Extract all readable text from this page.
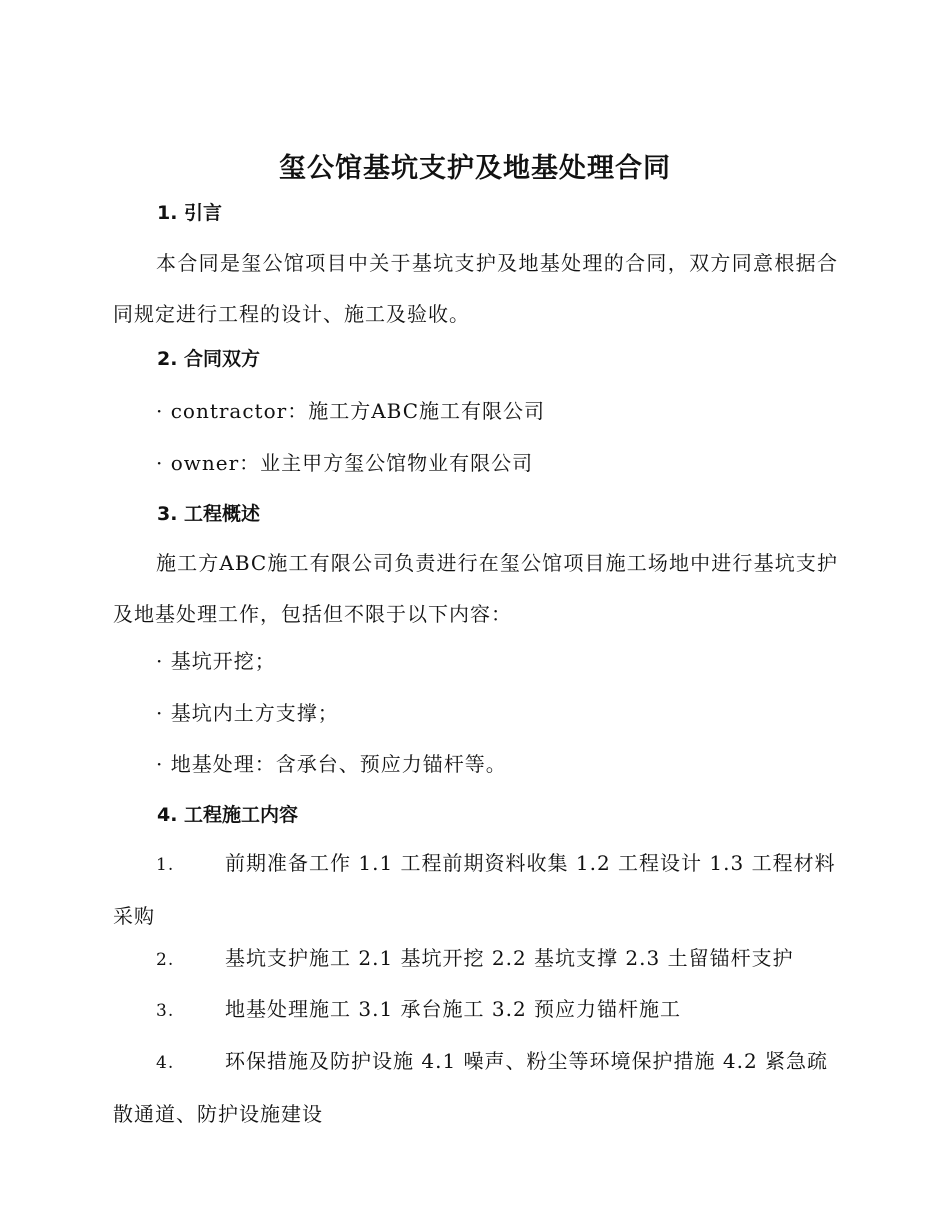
玺公馆基坑支护及地基处理合同
1. 引言

本合同是玺公馆项目中关于基坑支护及地基处理的合同，双方同意根据合同规定进行工程的设计、施工及验收。

2. 合同双方

· contractor：施工方ABC施工有限公司

· owner：业主甲方玺公馆物业有限公司

3. 工程概述

施工方ABC施工有限公司负责进行在玺公馆项目施工场地中进行基坑支护及地基处理工作，包括但不限于以下内容：

· 基坑开挖；

· 基坑内土方支撑；

· 地基处理：含承台、预应力锚杆等。

4. 工程施工内容

1.	前期准备工作 1.1 工程前期资料收集 1.2 工程设计 1.3 工程材料采购

2.	基坑支护施工 2.1 基坑开挖 2.2 基坑支撑 2.3 土留锚杆支护

3.	地基处理施工 3.1 承台施工 3.2 预应力锚杆施工

4.	环保措施及防护设施 4.1 噪声、粉尘等环境保护措施 4.2 紧急疏散通道、防护设施建设
